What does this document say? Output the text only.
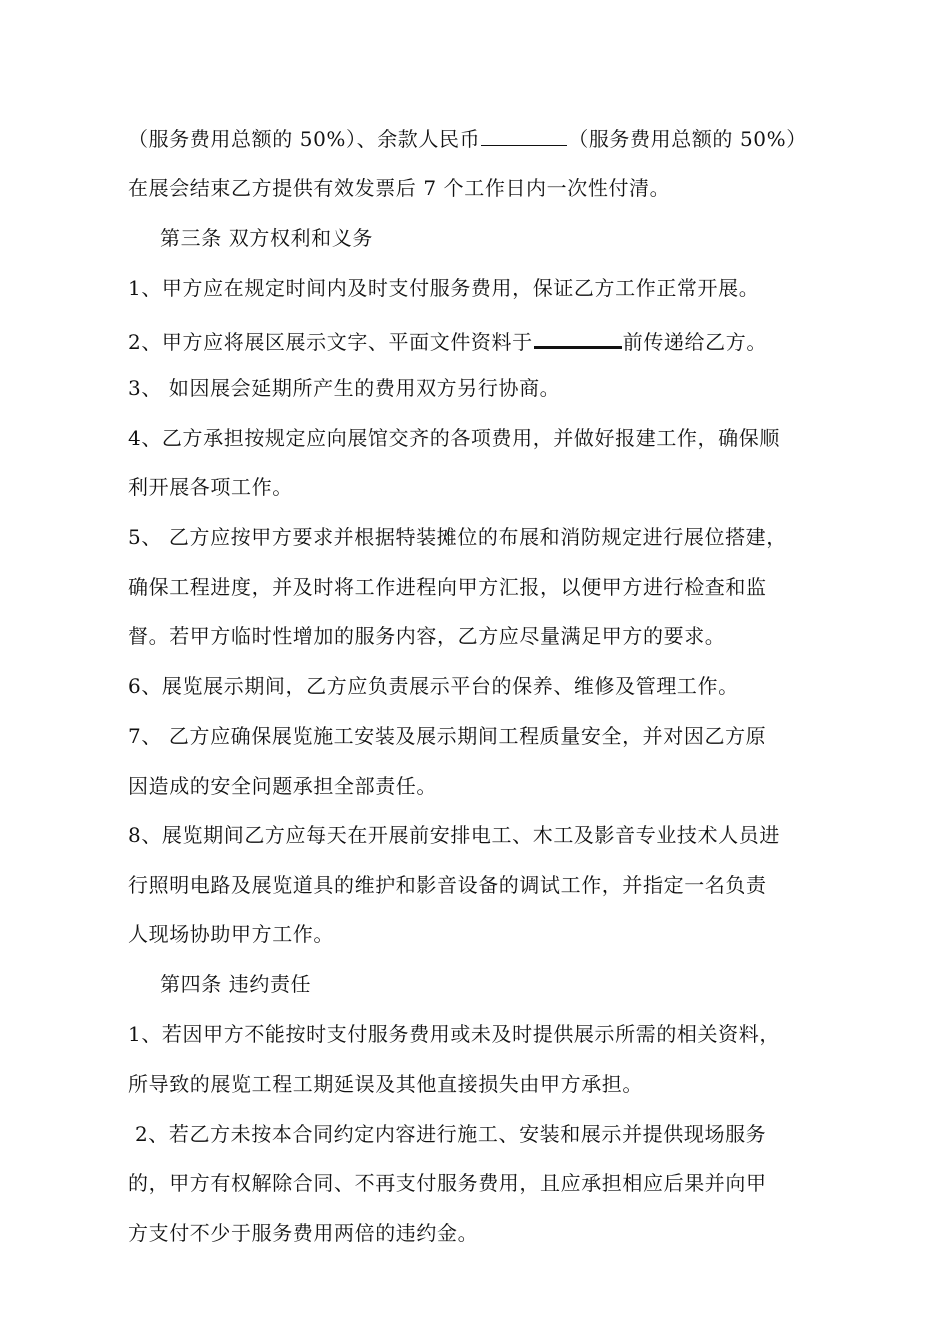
（服务费用总额的 50%）、余款人民币	（服务费用总额的 50%）
在展会结束乙方提供有效发票后 7 个工作日内一次性付清。
第三条 双方权利和义务
1、甲方应在规定时间内及时支付服务费用，保证乙方工作正常开展。
2、甲方应将展区展示文字、平面文件资料于	前传递给乙方。
3、 如因展会延期所产生的费用双方另行协商。
4、乙方承担按规定应向展馆交齐的各项费用，并做好报建工作，确保顺
利开展各项工作。
5、 乙方应按甲方要求并根据特装摊位的布展和消防规定进行展位搭建，
确保工程进度，并及时将工作进程向甲方汇报，以便甲方进行检查和监
督。若甲方临时性增加的服务内容，乙方应尽量满足甲方的要求。
6、展览展示期间，乙方应负责展示平台的保养、维修及管理工作。
7、 乙方应确保展览施工安装及展示期间工程质量安全，并对因乙方原
因造成的安全问题承担全部责任。
8、展览期间乙方应每天在开展前安排电工、木工及影音专业技术人员进
行照明电路及展览道具的维护和影音设备的调试工作，并指定一名负责
人现场协助甲方工作。
第四条 违约责任
1、若因甲方不能按时支付服务费用或未及时提供展示所需的相关资料，
所导致的展览工程工期延误及其他直接损失由甲方承担。
2、若乙方未按本合同约定内容进行施工、安装和展示并提供现场服务
的，甲方有权解除合同、不再支付服务费用，且应承担相应后果并向甲
方支付不少于服务费用两倍的违约金。
